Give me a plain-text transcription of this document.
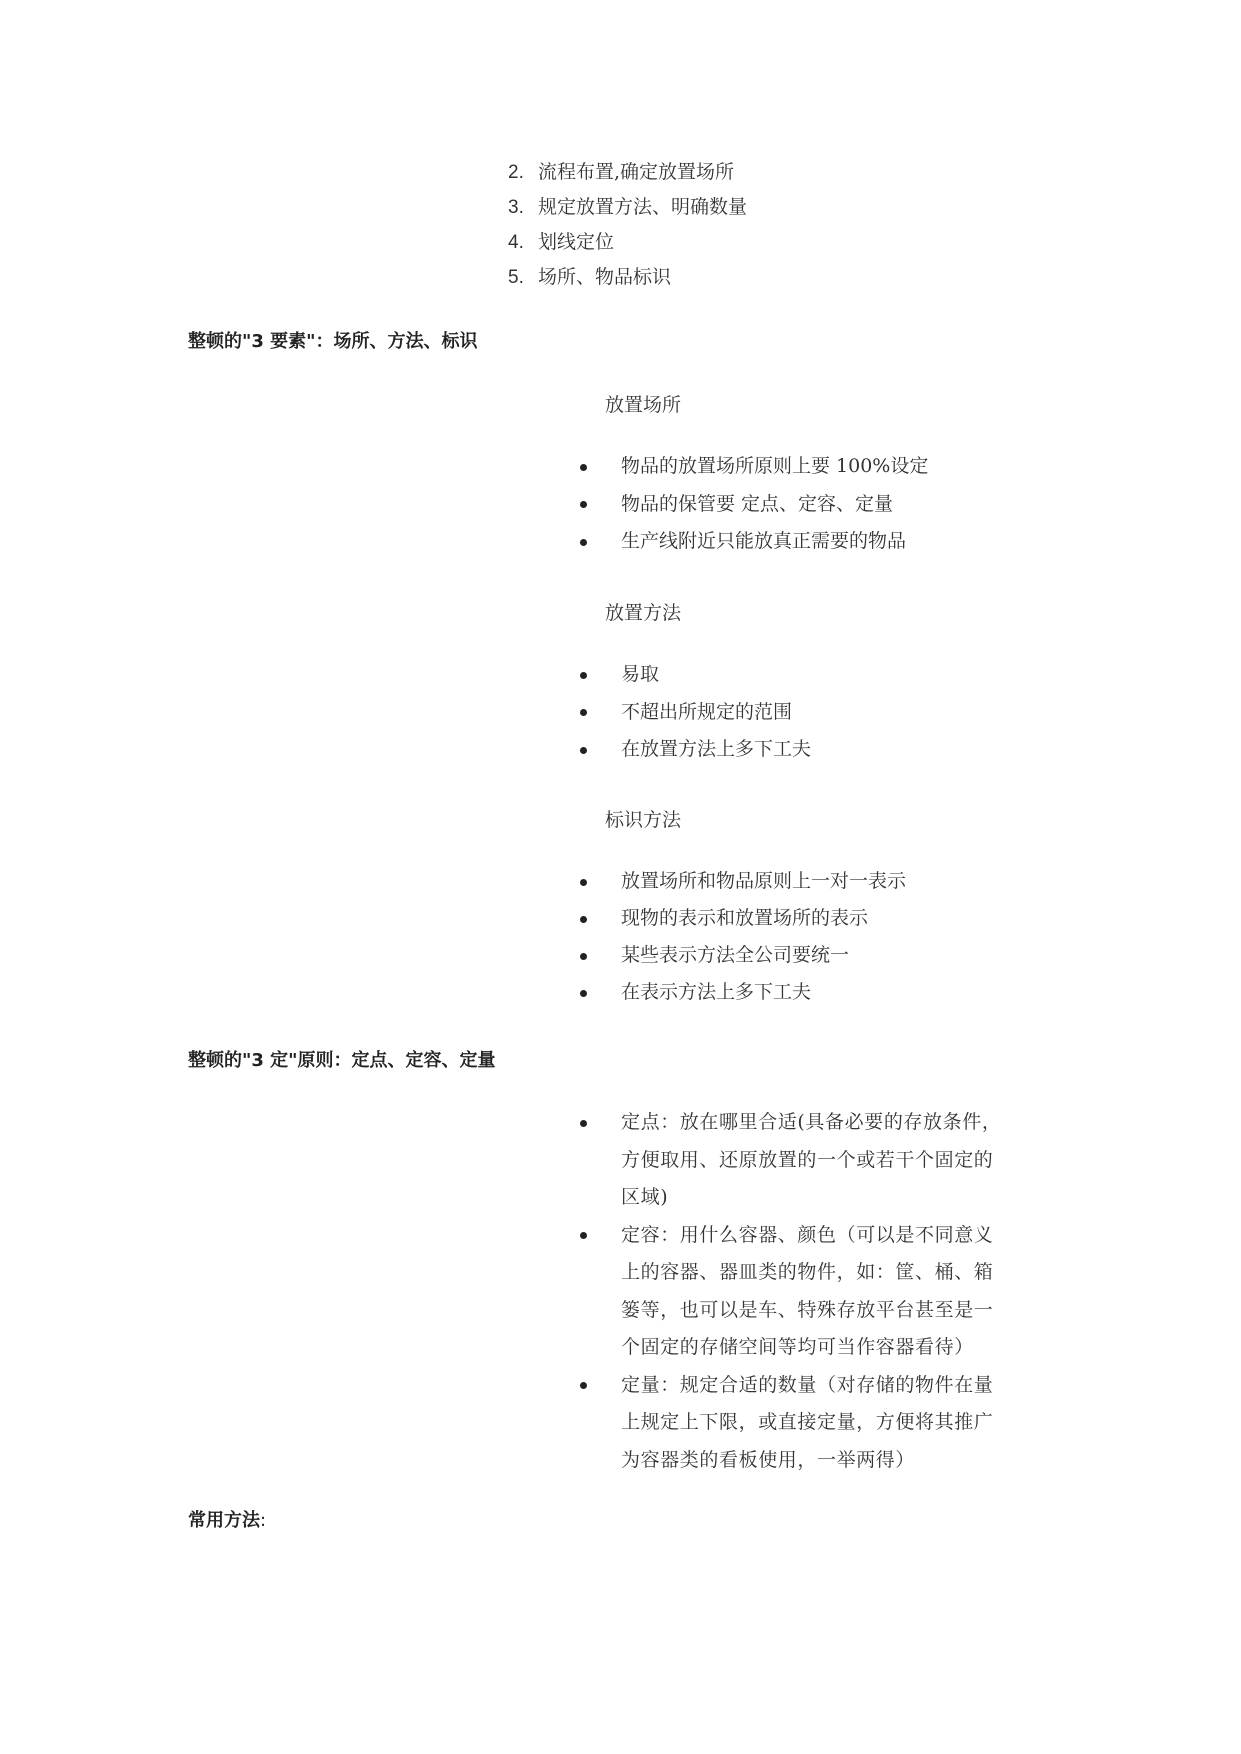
2. 流程布置,确定放置场所
3. 规定放置方法、明确数量
4. 划线定位
5. 场所、物品标识
整顿的"3 要素"：场所、方法、标识
放置场所
物品的放置场所原则上要 100%设定
物品的保管要 定点、定容、定量
生产线附近只能放真正需要的物品
放置方法
易取
不超出所规定的范围
在放置方法上多下工夫
标识方法
放置场所和物品原则上一对一表示
现物的表示和放置场所的表示
某些表示方法全公司要统一
在表示方法上多下工夫
整顿的"3 定"原则：定点、定容、定量
定点：放在哪里合适(具备必要的存放条件，方便取用、还原放置的一个或若干个固定的区域)
定容：用什么容器、颜色（可以是不同意义上的容器、器皿类的物件，如：筐、桶、箱篓等，也可以是车、特殊存放平台甚至是一个固定的存储空间等均可当作容器看待）
定量：规定合适的数量（对存储的物件在量上规定上下限，或直接定量，方便将其推广为容器类的看板使用，一举两得）
常用方法:
